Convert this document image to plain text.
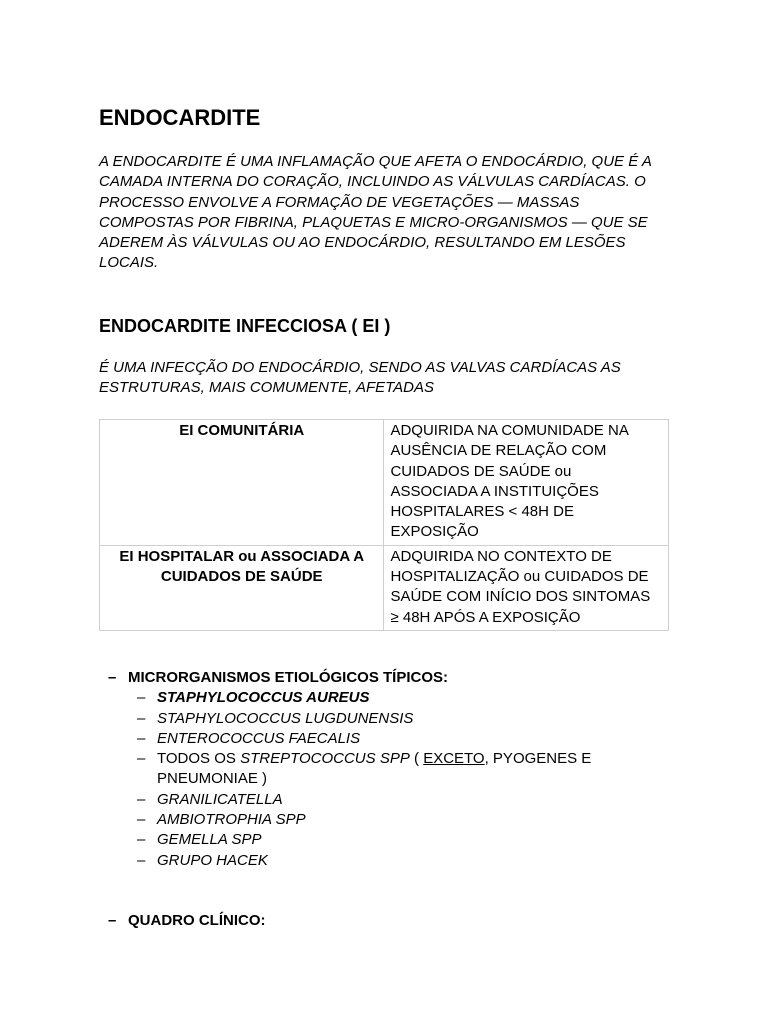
ENDOCARDITE

A ENDOCARDITE É UMA INFLAMAÇÃO QUE AFETA O ENDOCÁRDIO, QUE É A CAMADA INTERNA DO CORAÇÃO, INCLUINDO AS VÁLVULAS CARDÍACAS. O PROCESSO ENVOLVE A FORMAÇÃO DE VEGETAÇÕES — MASSAS COMPOSTAS POR FIBRINA, PLAQUETAS E MICRO-ORGANISMOS — QUE SE ADEREM ÀS VÁLVULAS OU AO ENDOCÁRDIO, RESULTANDO EM LESÕES LOCAIS.

ENDOCARDITE INFECCIOSA ( EI )

É UMA INFECÇÃO DO ENDOCÁRDIO, SENDO AS VALVAS CARDÍACAS AS ESTRUTURAS, MAIS COMUMENTE, AFETADAS

EI COMUNITÁRIA	ADQUIRIDA NA COMUNIDADE NA AUSÊNCIA DE RELAÇÃO COM CUIDADOS DE SAÚDE ou ASSOCIADA A INSTITUIÇÕES HOSPITALARES < 48H DE EXPOSIÇÃO
EI HOSPITALAR ou ASSOCIADA A CUIDADOS DE SAÚDE	ADQUIRIDA NO CONTEXTO DE HOSPITALIZAÇÃO ou CUIDADOS DE SAÚDE COM INÍCIO DOS SINTOMAS ≥ 48H APÓS A EXPOSIÇÃO
– MICRORGANISMOS ETIOLÓGICOS TÍPICOS:
– STAPHYLOCOCCUS AUREUS
– STAPHYLOCOCCUS LUGDUNENSIS
– ENTEROCOCCUS FAECALIS
– TODOS OS STREPTOCOCCUS SPP ( EXCETO, PYOGENES E PNEUMONIAE )
– GRANILICATELLA
– AMBIOTROPHIA SPP
– GEMELLA SPP
– GRUPO HACEK
– QUADRO CLÍNICO:
